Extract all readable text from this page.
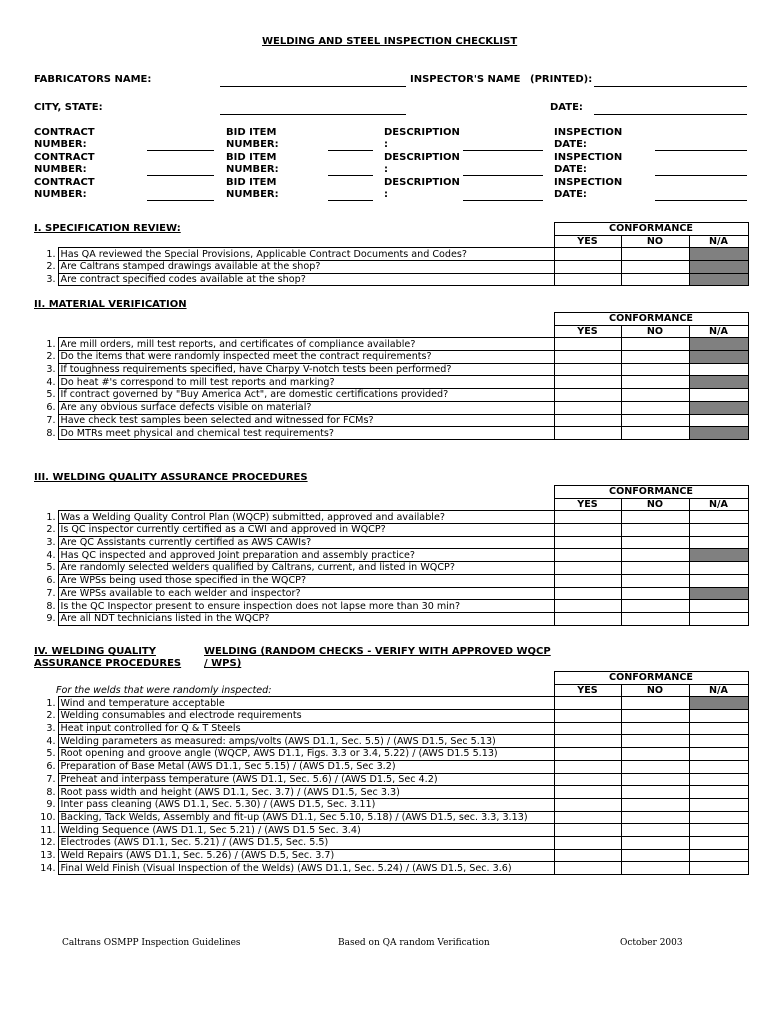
WELDING AND STEEL INSPECTION CHECKLIST
FABRICATORS NAME:	INSPECTOR'S NAME (PRINTED):
CITY, STATE:	DATE:
CONTRACT
NUMBER:
BID ITEM
NUMBER:
DESCRIPTION
:
INSPECTION
DATE:
CONTRACT
NUMBER:
BID ITEM
NUMBER:
DESCRIPTION
:
INSPECTION
DATE:
CONTRACT
NUMBER:
BID ITEM
NUMBER:
DESCRIPTION
:
INSPECTION
DATE:
I. SPECIFICATION REVIEW:
		CONFORMANCE		
		YES	NO	N/A
1.	Has QA reviewed the Special Provisions, Applicable Contract Documents and Codes?			
2.	Are Caltrans stamped drawings available at the shop?			
3.	Are contract specified codes available at the shop?			
II. MATERIAL VERIFICATION
		CONFORMANCE		
		YES	NO	N/A
1.	Are mill orders, mill test reports, and certificates of compliance available?			
2.	Do the items that were randomly inspected meet the contract requirements?			
3.	If toughness requirements specified, have Charpy V-notch tests been performed?			
4.	Do heat #'s correspond to mill test reports and marking?			
5.	If contract governed by "Buy America Act", are domestic certifications provided?			
6.	Are any obvious surface defects visible on material?			
7.	Have check test samples been selected and witnessed for FCMs?			
8.	Do MTRs meet physical and chemical test requirements?			
III. WELDING QUALITY ASSURANCE PROCEDURES
		CONFORMANCE		
		YES	NO	N/A
1.	Was a Welding Quality Control Plan (WQCP) submitted, approved and available?			
2.	Is QC inspector currently certified as a CWI and approved in WQCP?			
3.	Are QC Assistants currently certified as AWS CAWIs?			
4.	Has QC inspected and approved Joint preparation and assembly practice?			
5.	Are randomly selected welders qualified by Caltrans, current, and listed in WQCP?			
6.	Are WPSs being used those specified in the WQCP?			
7.	Are WPSs available to each welder and inspector?			
8.	Is the QC Inspector present to ensure inspection does not lapse more than 30 min?			
9.	Are all NDT technicians listed in the WQCP?			
IV. WELDING QUALITY
ASSURANCE PROCEDURES
WELDING (RANDOM CHECKS - VERIFY WITH APPROVED WQCP
/ WPS)
		CONFORMANCE		
For the welds that were randomly inspected:		YES	NO	N/A
1.	Wind and temperature acceptable			
2.	Welding consumables and electrode requirements			
3.	Heat input controlled for Q & T Steels			
4.	Welding parameters as measured: amps/volts (AWS D1.1, Sec. 5.5) / (AWS D1.5, Sec 5.13)			
5.	Root opening and groove angle (WQCP, AWS D1.1, Figs. 3.3 or 3.4, 5.22) / (AWS D1.5 5.13)			
6.	Preparation of Base Metal (AWS D1.1, Sec 5.15) / (AWS D1.5, Sec 3.2)			
7.	Preheat and interpass temperature (AWS D1.1, Sec. 5.6) / (AWS D1.5, Sec 4.2)			
8.	Root pass width and height (AWS D1.1, Sec. 3.7) / (AWS D1.5, Sec 3.3)			
9.	Inter pass cleaning (AWS D1.1, Sec. 5.30) / (AWS D1.5, Sec. 3.11)			
10.	Backing, Tack Welds, Assembly and fit-up (AWS D1.1, Sec 5.10, 5.18) / (AWS D1.5, sec. 3.3, 3.13)			
11.	Welding Sequence (AWS D1.1, Sec 5.21) / (AWS D1.5 Sec. 3.4)			
12.	Electrodes (AWS D1.1, Sec. 5.21) / (AWS D1.5, Sec. 5.5)			
13.	Weld Repairs (AWS D1.1, Sec. 5.26) / (AWS D.5, Sec. 3.7)			
14.	Final Weld Finish (Visual Inspection of the Welds) (AWS D1.1, Sec. 5.24) / (AWS D1.5, Sec. 3.6)			
Caltrans OSMPP Inspection Guidelines	Based on QA random Verification	October 2003
